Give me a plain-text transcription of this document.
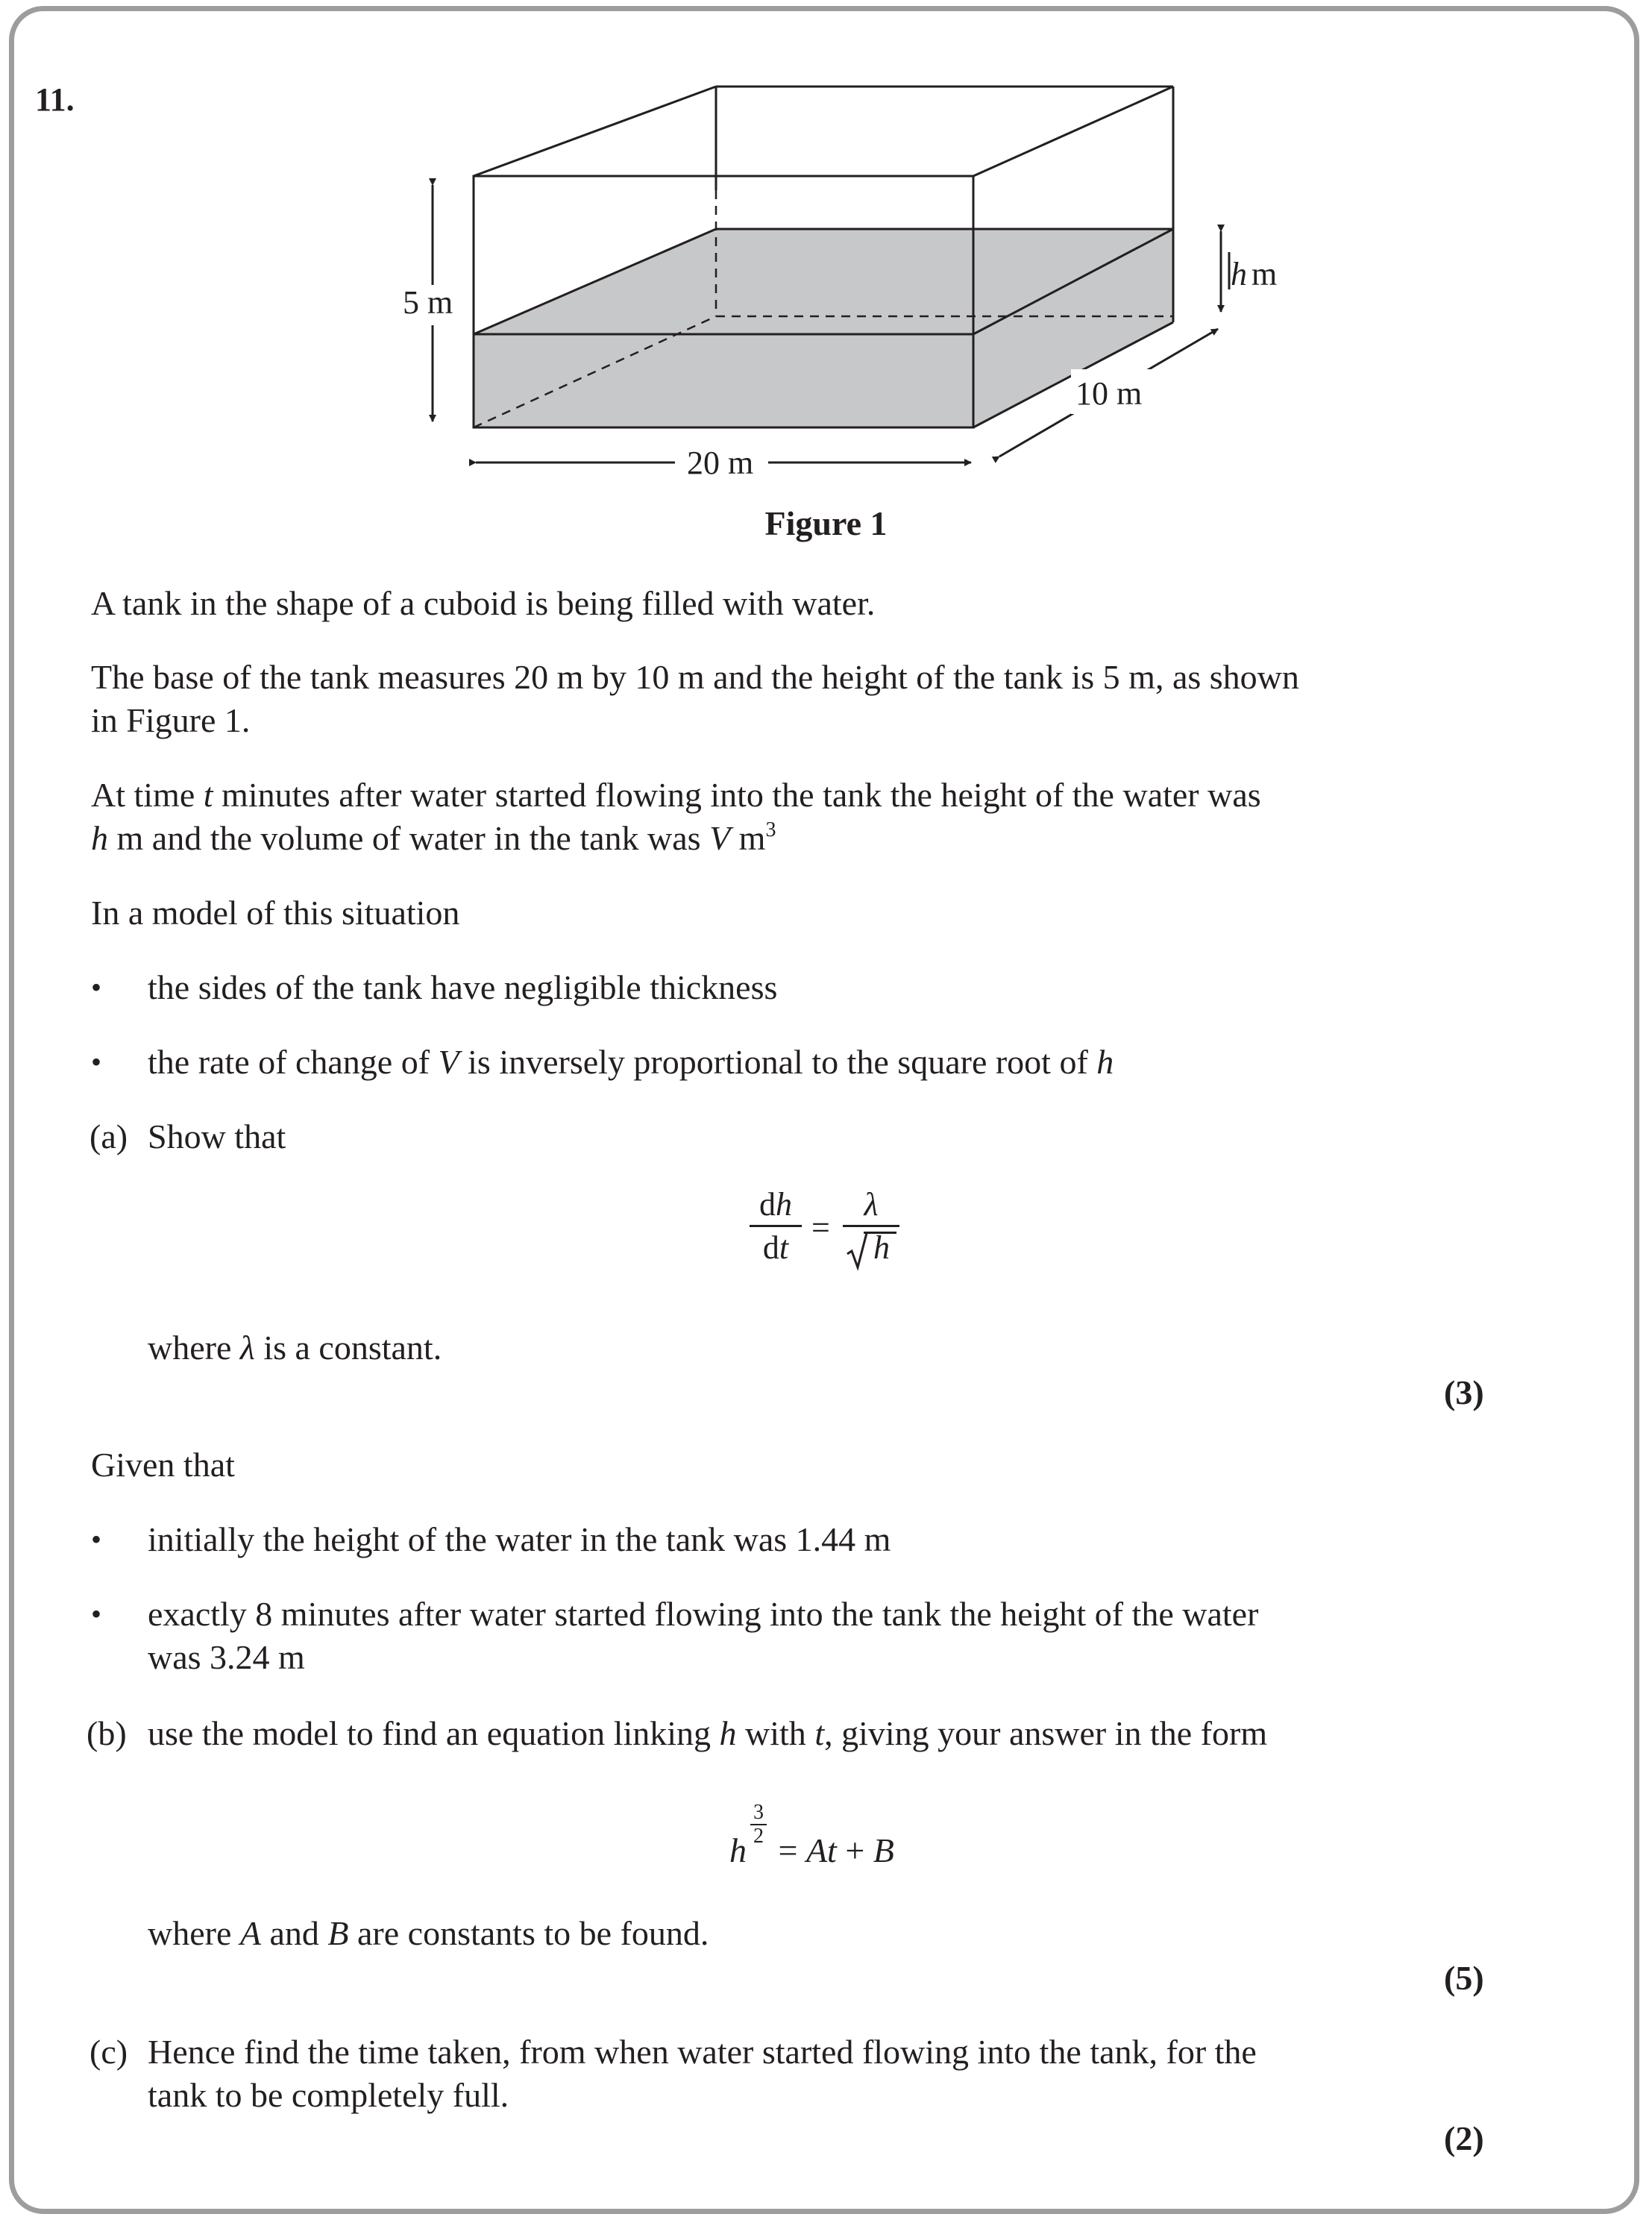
11.
5 m
h m
10 m
20 m
Figure 1
A tank in the shape of a cuboid is being filled with water.
The base of the tank measures 20 m by 10 m and the height of the tank is 5 m, as shown
in Figure 1.
At time t minutes after water started flowing into the tank the height of the water was
h m and the volume of water in the tank was V $m^3$
In a model of this situation
• the sides of the tank have negligible thickness
• the rate of change of V is inversely proportional to the square root of h
(a) Show that
dh
dt
=
λ
h
where λ is a constant.
(3)
Given that
• initially the height of the water in the tank was 1.44 m
• exactly 8 minutes after water started flowing into the tank the height of the water
was 3.24 m
(b) use the model to find an equation linking h with t, giving your answer in the form
h
3
2 = At + B
where A and B are constants to be found.
(5)
(c) Hence find the time taken, from when water started flowing into the tank, for the
tank to be completely full.
(2)
